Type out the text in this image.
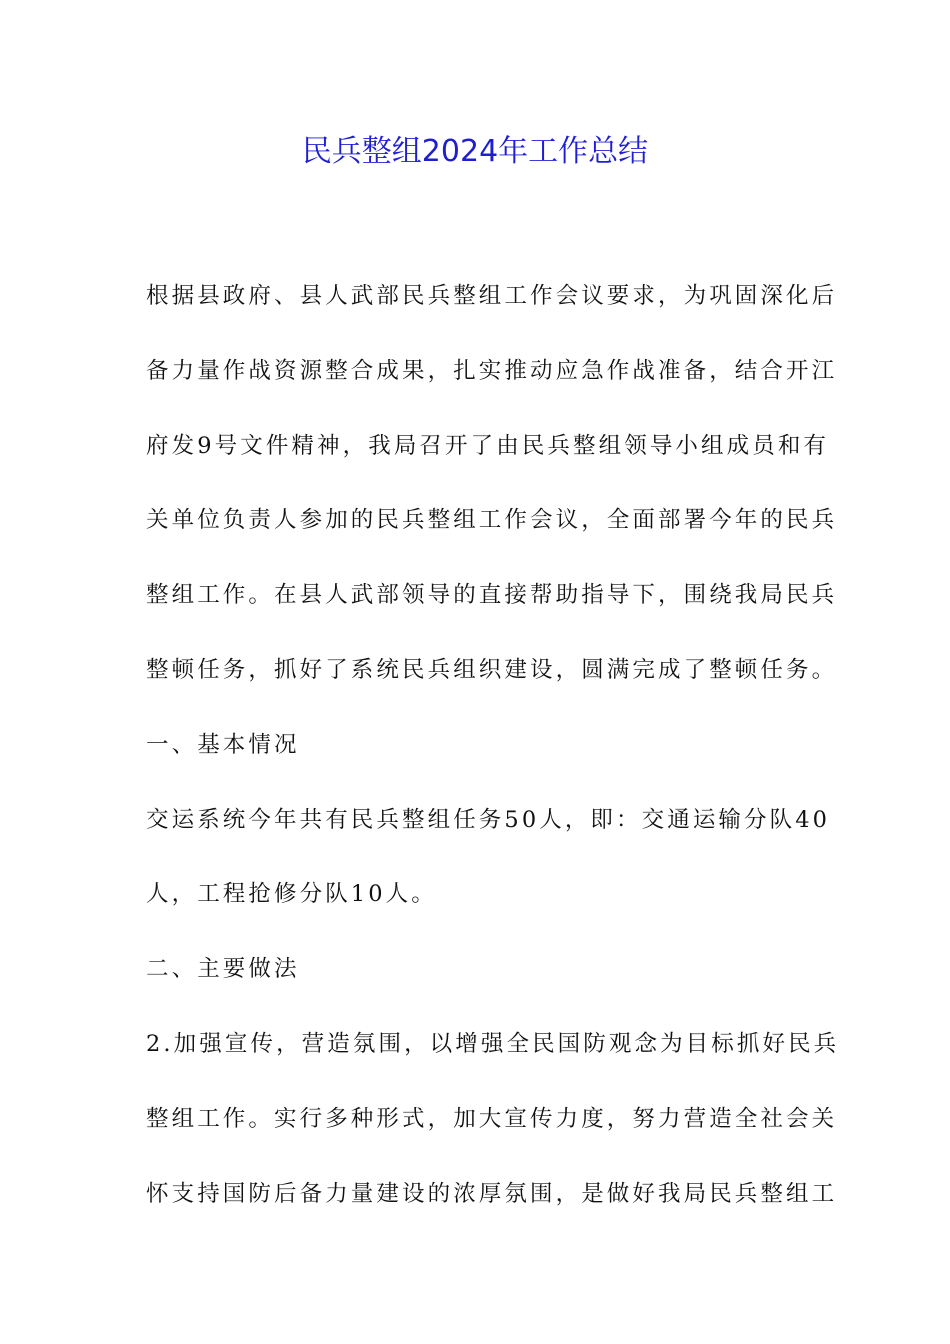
民兵整组2024年工作总结
根据县政府、县人武部民兵整组工作会议要求，为巩固深化后
备力量作战资源整合成果，扎实推动应急作战准备，结合开江
府发9号文件精神，我局召开了由民兵整组领导小组成员和有
关单位负责人参加的民兵整组工作会议，全面部署今年的民兵
整组工作。在县人武部领导的直接帮助指导下，围绕我局民兵
整顿任务，抓好了系统民兵组织建设，圆满完成了整顿任务。
一、基本情况
交运系统今年共有民兵整组任务50人，即：交通运输分队40
人，工程抢修分队10人。
二、主要做法
2.加强宣传，营造氛围，以增强全民国防观念为目标抓好民兵
整组工作。实行多种形式，加大宣传力度，努力营造全社会关
怀支持国防后备力量建设的浓厚氛围，是做好我局民兵整组工
